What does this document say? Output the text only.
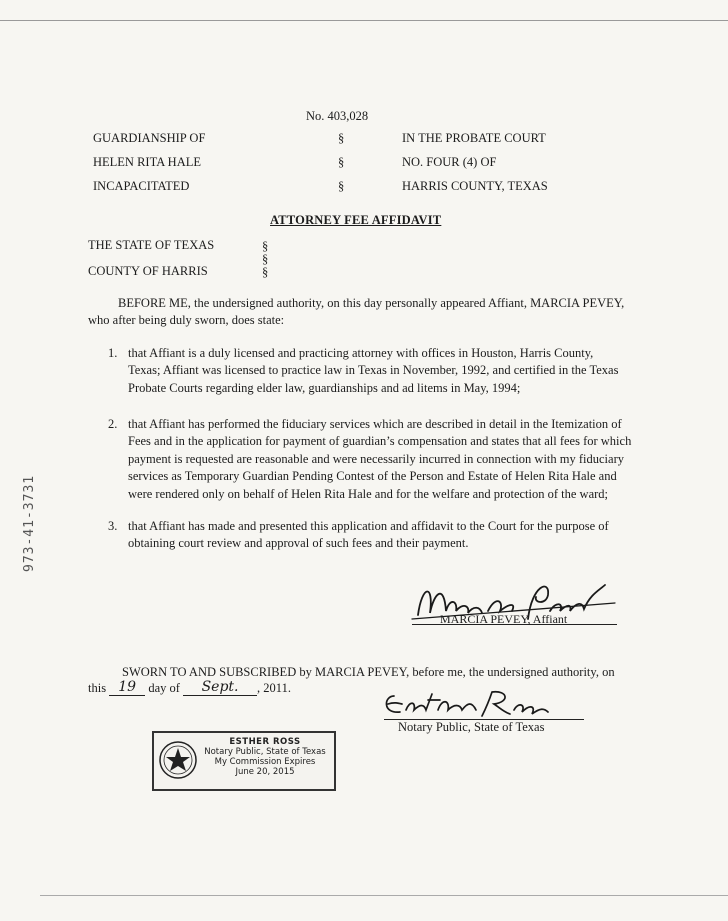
973-41-3731
No. 403,028
GUARDIANSHIP OF
HELEN RITA HALE
INCAPACITATED
§
§
§
IN THE PROBATE COURT
NO. FOUR (4) OF
HARRIS COUNTY, TEXAS
ATTORNEY FEE AFFIDAVIT
THE STATE OF TEXAS
COUNTY OF HARRIS
§
§
§
BEFORE ME, the undersigned authority, on this day personally appeared Affiant, MARCIA PEVEY,
who after being duly sworn, does state:
1. that Affiant is a duly licensed and practicing attorney with offices in Houston, Harris County,
Texas; Affiant was licensed to practice law in Texas in November, 1992, and certified in the Texas
Probate Courts regarding elder law, guardianships and ad litems in May, 1994;
2. that Affiant has performed the fiduciary services which are described in detail in the Itemization of
Fees and in the application for payment of guardian’s compensation and states that all fees for which
payment is requested are reasonable and were necessarily incurred in connection with my fiduciary
services as Temporary Guardian Pending Contest of the Person and Estate of Helen Rita Hale and
were rendered only on behalf of Helen Rita Hale and for the welfare and protection of the ward;
3. that Affiant has made and presented this application and affidavit to the Court for the purpose of
obtaining court review and approval of such fees and their payment.
MARCIA PEVEY, Affiant
SWORN TO AND SUBSCRIBED by MARCIA PEVEY, before me, the undersigned authority, on
this 19 day of Sept. , 2011.
Notary Public, State of Texas
ESTHER ROSS
Notary Public, State of Texas
My Commission Expires
June 20, 2015
